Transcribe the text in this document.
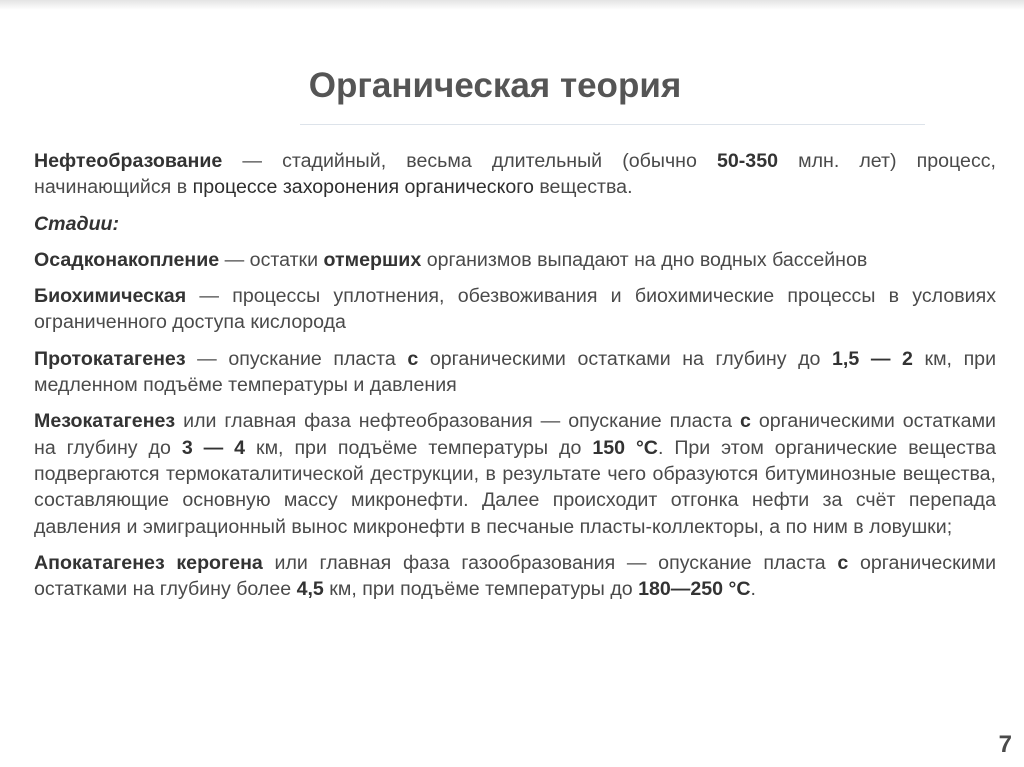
Органическая теория

Нефтеобразование — стадийный, весьма длительный (обычно 50-350 млн. лет) процесс, начинающийся в процессе захоронения органического вещества.

Стадии:

Осадконакопление — остатки отмерших организмов выпадают на дно водных бассейнов

Биохимическая — процессы уплотнения, обезвоживания и биохимические процессы в условиях ограниченного доступа кислорода

Протокатагенез — опускание пласта с органическими остатками на глубину до 1,5 — 2 км, при медленном подъёме температуры и давления

Мезокатагенез или главная фаза нефтеобразования — опускание пласта с органическими остатками на глубину до 3 — 4 км, при подъёме температуры до 150 °C. При этом органические вещества подвергаются термокаталитической деструкции, в результате чего образуются битуминозные вещества, составляющие основную массу микронефти. Далее происходит отгонка нефти за счёт перепада давления и эмиграционный вынос микронефти в песчаные пласты-коллекторы, а по ним в ловушки;

Апокатагенез керогена или главная фаза газообразования — опускание пласта с органическими остатками на глубину более 4,5 км, при подъёме температуры до 180—250 °C.

7
